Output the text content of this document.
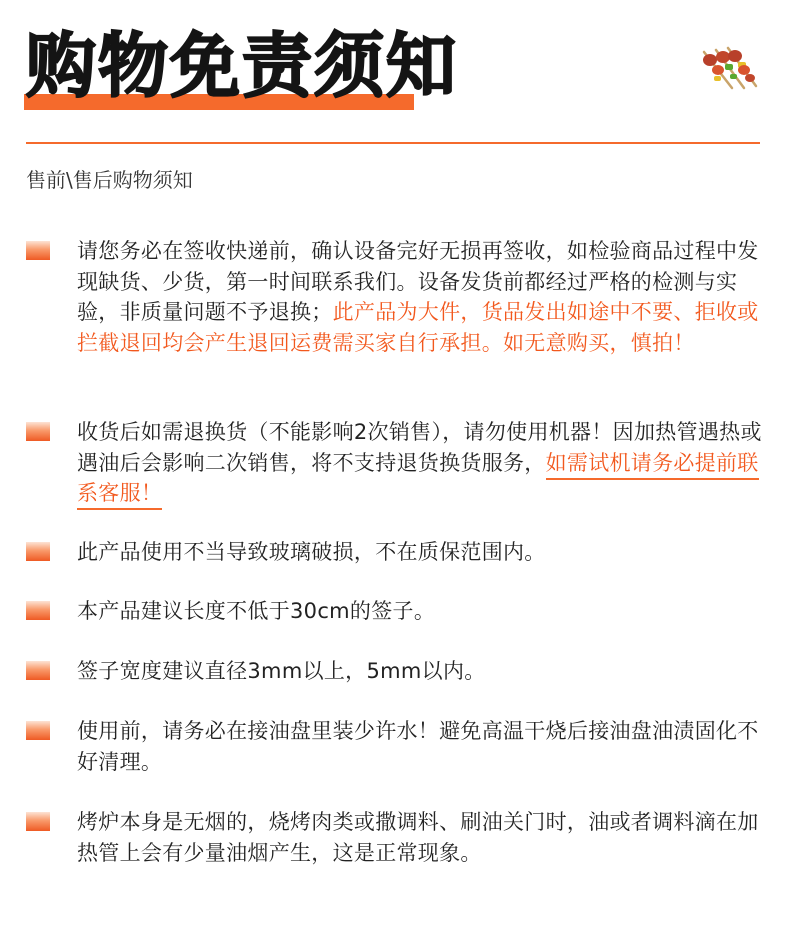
购物免责须知

售前\售后购物须知

请您务必在签收快递前，确认设备完好无损再签收，如检验商品过程中发现缺货、少货，第一时间联系我们。设备发货前都经过严格的检测与实验，非质量问题不予退换；此产品为大件，货品发出如途中不要、拒收或拦截退回均会产生退回运费需买家自行承担。如无意购买，慎拍！
收货后如需退换货（不能影响2次销售），请勿使用机器！因加热管遇热或遇油后会影响二次销售，将不支持退货换货服务，如需试机请务必提前联系客服！
此产品使用不当导致玻璃破损，不在质保范围内。
本产品建议长度不低于30cm的签子。
签子宽度建议直径3mm以上，5mm以内。
使用前，请务必在接油盘里装少许水！避免高温干烧后接油盘油渍固化不好清理。
烤炉本身是无烟的，烧烤肉类或撒调料、刷油关门时，油或者调料滴在加热管上会有少量油烟产生，这是正常现象。
